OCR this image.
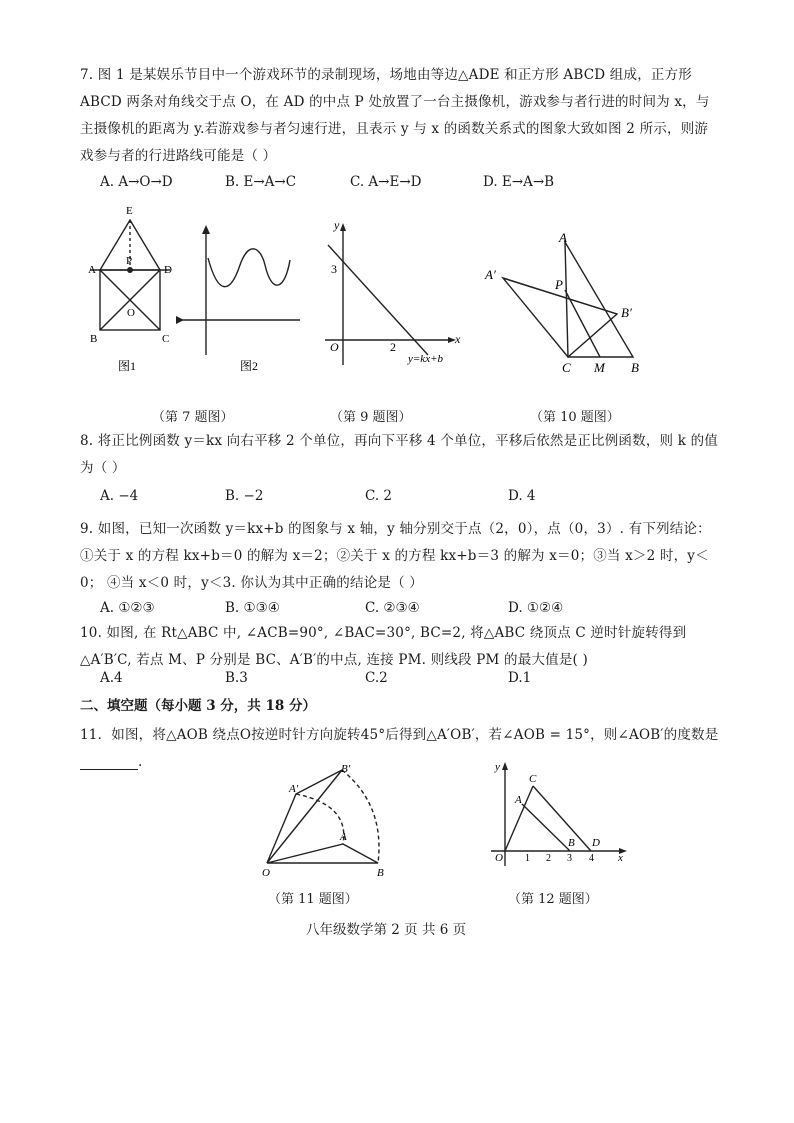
7. 图 1 是某娱乐节目中一个游戏环节的录制现场，场地由等边△ADE 和正方形 ABCD 组成，正方形 ABCD 两条对角线交于点 O，在 AD 的中点 P 处放置了一台主摄像机，游戏参与者行进的时间为 x，与主摄像机的距离为 y.若游戏参与者匀速行进，且表示 y 与 x 的函数关系式的图象大致如图 2 所示，则游戏参与者的行进路线可能是（ ）
A. A→O→D	B. E→A→C	C. A→E→D	D. E→A→B
E
A	D
P
O
B	C
图1	图2
y
x
3
O	2
y=kx+b
A
A′
P
B′
C M B
（第 7 题图）	（第 9 题图）	（第 10 题图）
8. 将正比例函数 y＝kx 向右平移 2 个单位，再向下平移 4 个单位，平移后依然是正比例函数，则 k 的值为（ ）
A. −4	B. −2	C. 2	D. 4
9. 如图，已知一次函数 y＝kx+b 的图象与 x 轴，y 轴分别交于点（2，0），点（0，3）. 有下列结论：①关于 x 的方程 kx+b＝0 的解为 x＝2；②关于 x 的方程 kx+b＝3 的解为 x＝0；③当 x＞2 时，y＜0； ④当 x＜0 时，y＜3. 你认为其中正确的结论是（ ）
A. ①②③	B. ①③④	C. ②③④	D. ①②④
10. 如图, 在 Rt△ABC 中, ∠ACB=90°, ∠BAC=30°, BC=2, 将△ABC 绕顶点 C 逆时针旋转得到△A′B′C, 若点 M、P 分别是 BC、A′B′的中点, 连接 PM. 则线段 PM 的最大值是( )
A.4	B.3	C.2	D.1
二、填空题（每小题 3 分，共 18 分）
11．如图，将△AOB 绕点O按逆时针方向旋转45°后得到△A′OB′，若∠AOB = 15°，则∠AOB′的度数是.	B′
A′
A
O	B
y
C
A
B D
O 1 2 3 4 x
（第 11 题图）	（第 12 题图）
八年级数学第 2 页 共 6 页
